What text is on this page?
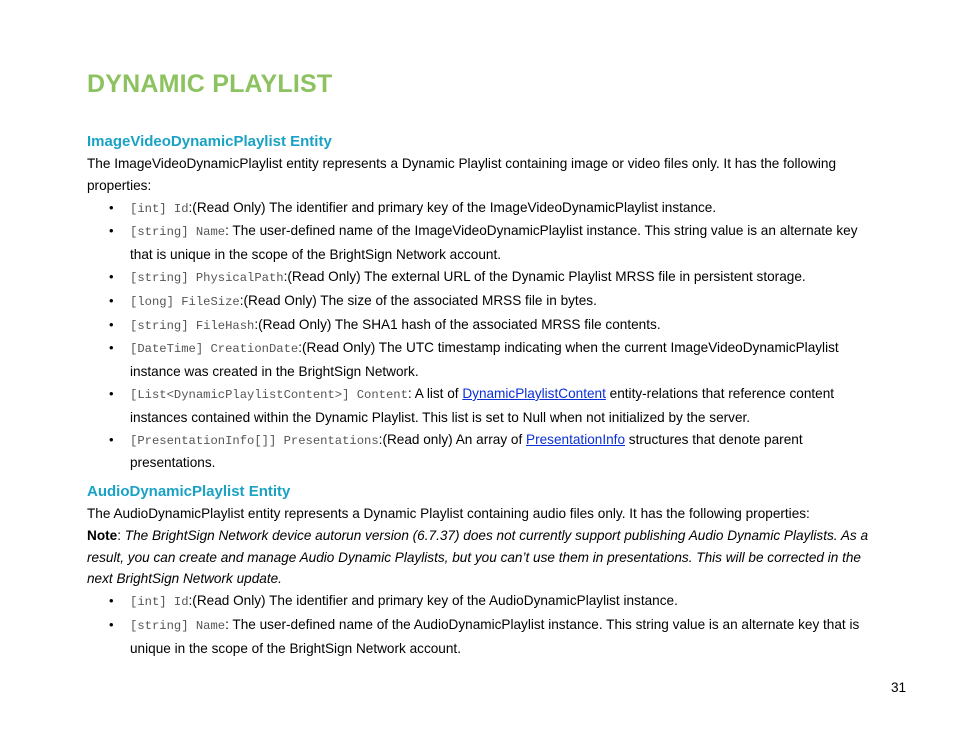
DYNAMIC PLAYLIST
ImageVideoDynamicPlaylist Entity

The ImageVideoDynamicPlaylist entity represents a Dynamic Playlist containing image or video files only. It has the following properties:

• [int] Id:(Read Only) The identifier and primary key of the ImageVideoDynamicPlaylist instance.
• [string] Name: The user-defined name of the ImageVideoDynamicPlaylist instance. This string value is an alternate key that is unique in the scope of the BrightSign Network account.
• [string] PhysicalPath:(Read Only) The external URL of the Dynamic Playlist MRSS file in persistent storage.
• [long] FileSize:(Read Only) The size of the associated MRSS file in bytes.
• [string] FileHash:(Read Only) The SHA1 hash of the associated MRSS file contents.
• [DateTime] CreationDate:(Read Only) The UTC timestamp indicating when the current ImageVideoDynamicPlaylist instance was created in the BrightSign Network.
• [List<DynamicPlaylistContent>] Content: A list of DynamicPlaylistContent entity-relations that reference content instances contained within the Dynamic Playlist. This list is set to Null when not initialized by the server.
• [PresentationInfo[]] Presentations:(Read only) An array of PresentationInfo structures that denote parent presentations.
AudioDynamicPlaylist Entity

The AudioDynamicPlaylist entity represents a Dynamic Playlist containing audio files only. It has the following properties:

Note: The BrightSign Network device autorun version (6.7.37) does not currently support publishing Audio Dynamic Playlists. As a result, you can create and manage Audio Dynamic Playlists, but you can’t use them in presentations. This will be corrected in the next BrightSign Network update.

• [int] Id:(Read Only) The identifier and primary key of the AudioDynamicPlaylist instance.
• [string] Name: The user-defined name of the AudioDynamicPlaylist instance. This string value is an alternate key that is unique in the scope of the BrightSign Network account.
31
